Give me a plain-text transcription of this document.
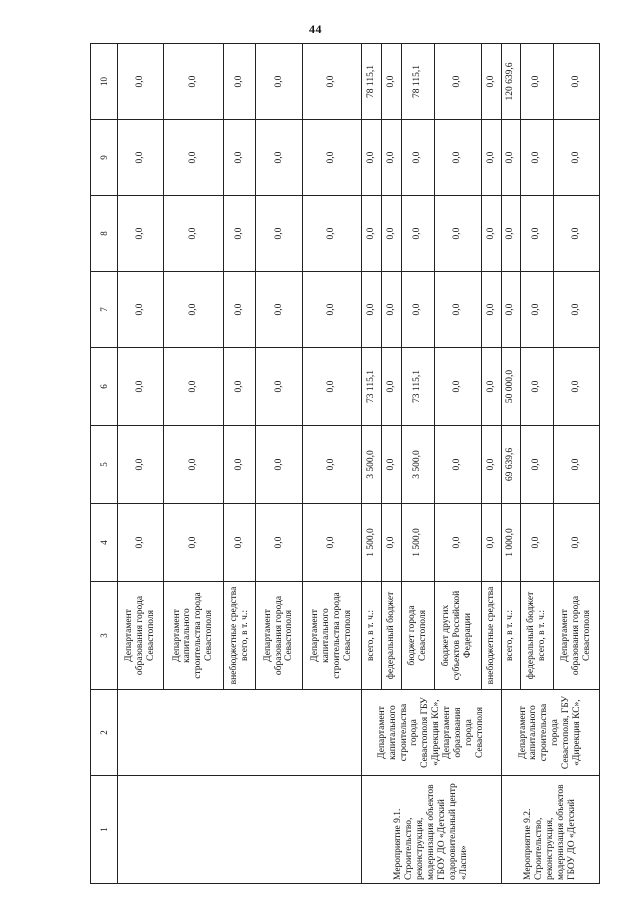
44
1	2	3	4	5	6	7	8	9	10
		Департамент образования города Севастополя	0,0	0,0	0,0	0,0	0,0	0,0	0,0
		Департамент капитального строительства города Севастополя	0,0	0,0	0,0	0,0	0,0	0,0	0,0
		внебюджетные средства всего, в т. ч.:	0,0	0,0	0,0	0,0	0,0	0,0	0,0
		Департамент образования города Севастополя	0,0	0,0	0,0	0,0	0,0	0,0	0,0
		Департамент капитального строительства города Севастополя	0,0	0,0	0,0	0,0	0,0	0,0	0,0
Мероприятие 9.1. Строительство, реконструкция, модернизация объектов ГБОУ ДО «Детский оздоровительный центр «Ласпи»	Департамент капитального строительства города Севастополя ГБУ «Дирекция КС», Департамент образования города Севастополя	всего, в т. ч.:	1 500,0	3 500,0	73 115,1	0,0	0,0	0,0	78 115,1
		федеральный бюджет	0,0	0,0	0,0	0,0	0,0	0,0	0,0
		бюджет города Севастополя	1 500,0	3 500,0	73 115,1	0,0	0,0	0,0	78 115,1
		бюджет других субъектов Российской Федерации	0,0	0,0	0,0	0,0	0,0	0,0	0,0
		внебюджетные средства	0,0	0,0	0,0	0,0	0,0	0,0	0,0
Мероприятие 9.2. Строительство, реконструкция, модернизация объектов ГБОУ ДО «Детский	Департамент капитального строительства города Севастополя, ГБУ «Дирекция КС»,	всего, в т. ч.:	1 000,0	69 639,6	50 000,0	0,0	0,0	0,0	120 639,6
		федеральный бюджет всего, в т. ч.:	0,0	0,0	0,0	0,0	0,0	0,0	0,0
		Департамент образования города Севастополя	0,0	0,0	0,0	0,0	0,0	0,0	0,0
